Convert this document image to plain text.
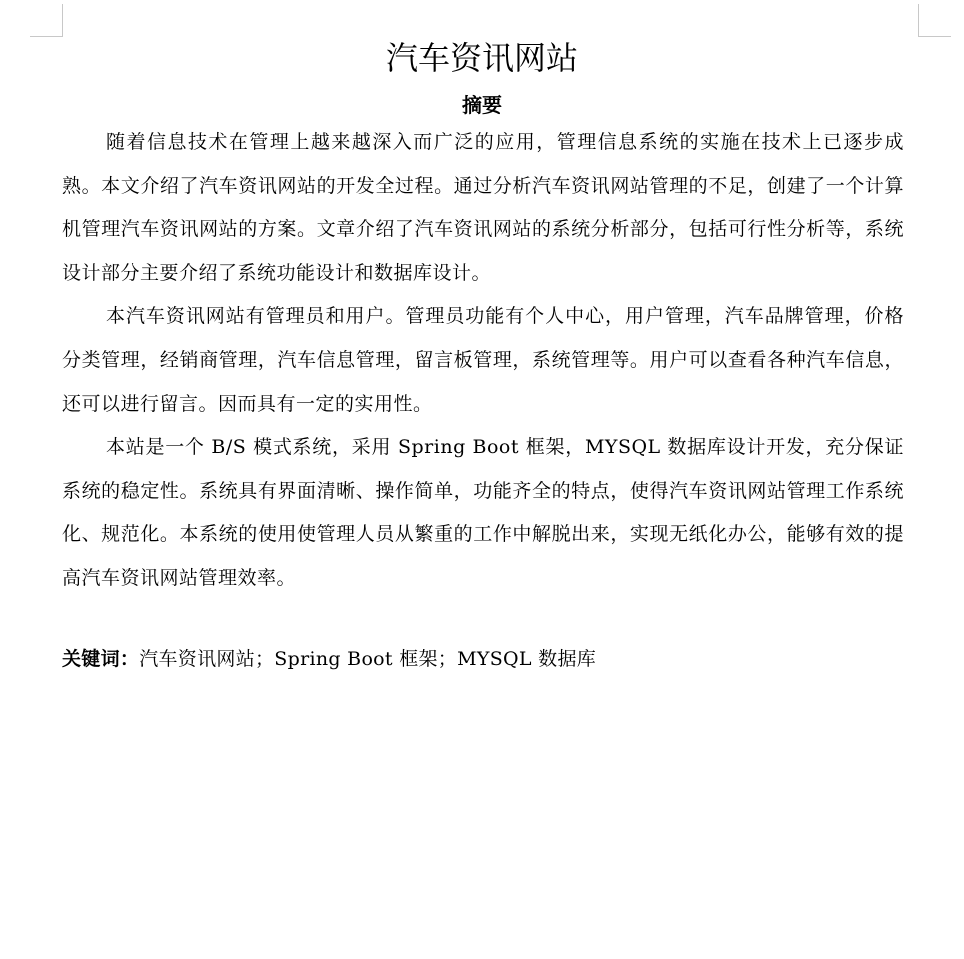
汽车资讯网站
摘要

随着信息技术在管理上越来越深入而广泛的应用，管理信息系统的实施在技术上已逐步成熟。本文介绍了汽车资讯网站的开发全过程。通过分析汽车资讯网站管理的不足，创建了一个计算机管理汽车资讯网站的方案。文章介绍了汽车资讯网站的系统分析部分，包括可行性分析等，系统设计部分主要介绍了系统功能设计和数据库设计。

本汽车资讯网站有管理员和用户。管理员功能有个人中心，用户管理，汽车品牌管理，价格分类管理，经销商管理，汽车信息管理，留言板管理，系统管理等。用户可以查看各种汽车信息，还可以进行留言。因而具有一定的实用性。

本站是一个 B/S 模式系统，采用 Spring Boot 框架，MYSQL 数据库设计开发，充分保证系统的稳定性。系统具有界面清晰、操作简单，功能齐全的特点，使得汽车资讯网站管理工作系统化、规范化。本系统的使用使管理人员从繁重的工作中解脱出来，实现无纸化办公，能够有效的提高汽车资讯网站管理效率。

关键词：汽车资讯网站；Spring Boot 框架；MYSQL 数据库
